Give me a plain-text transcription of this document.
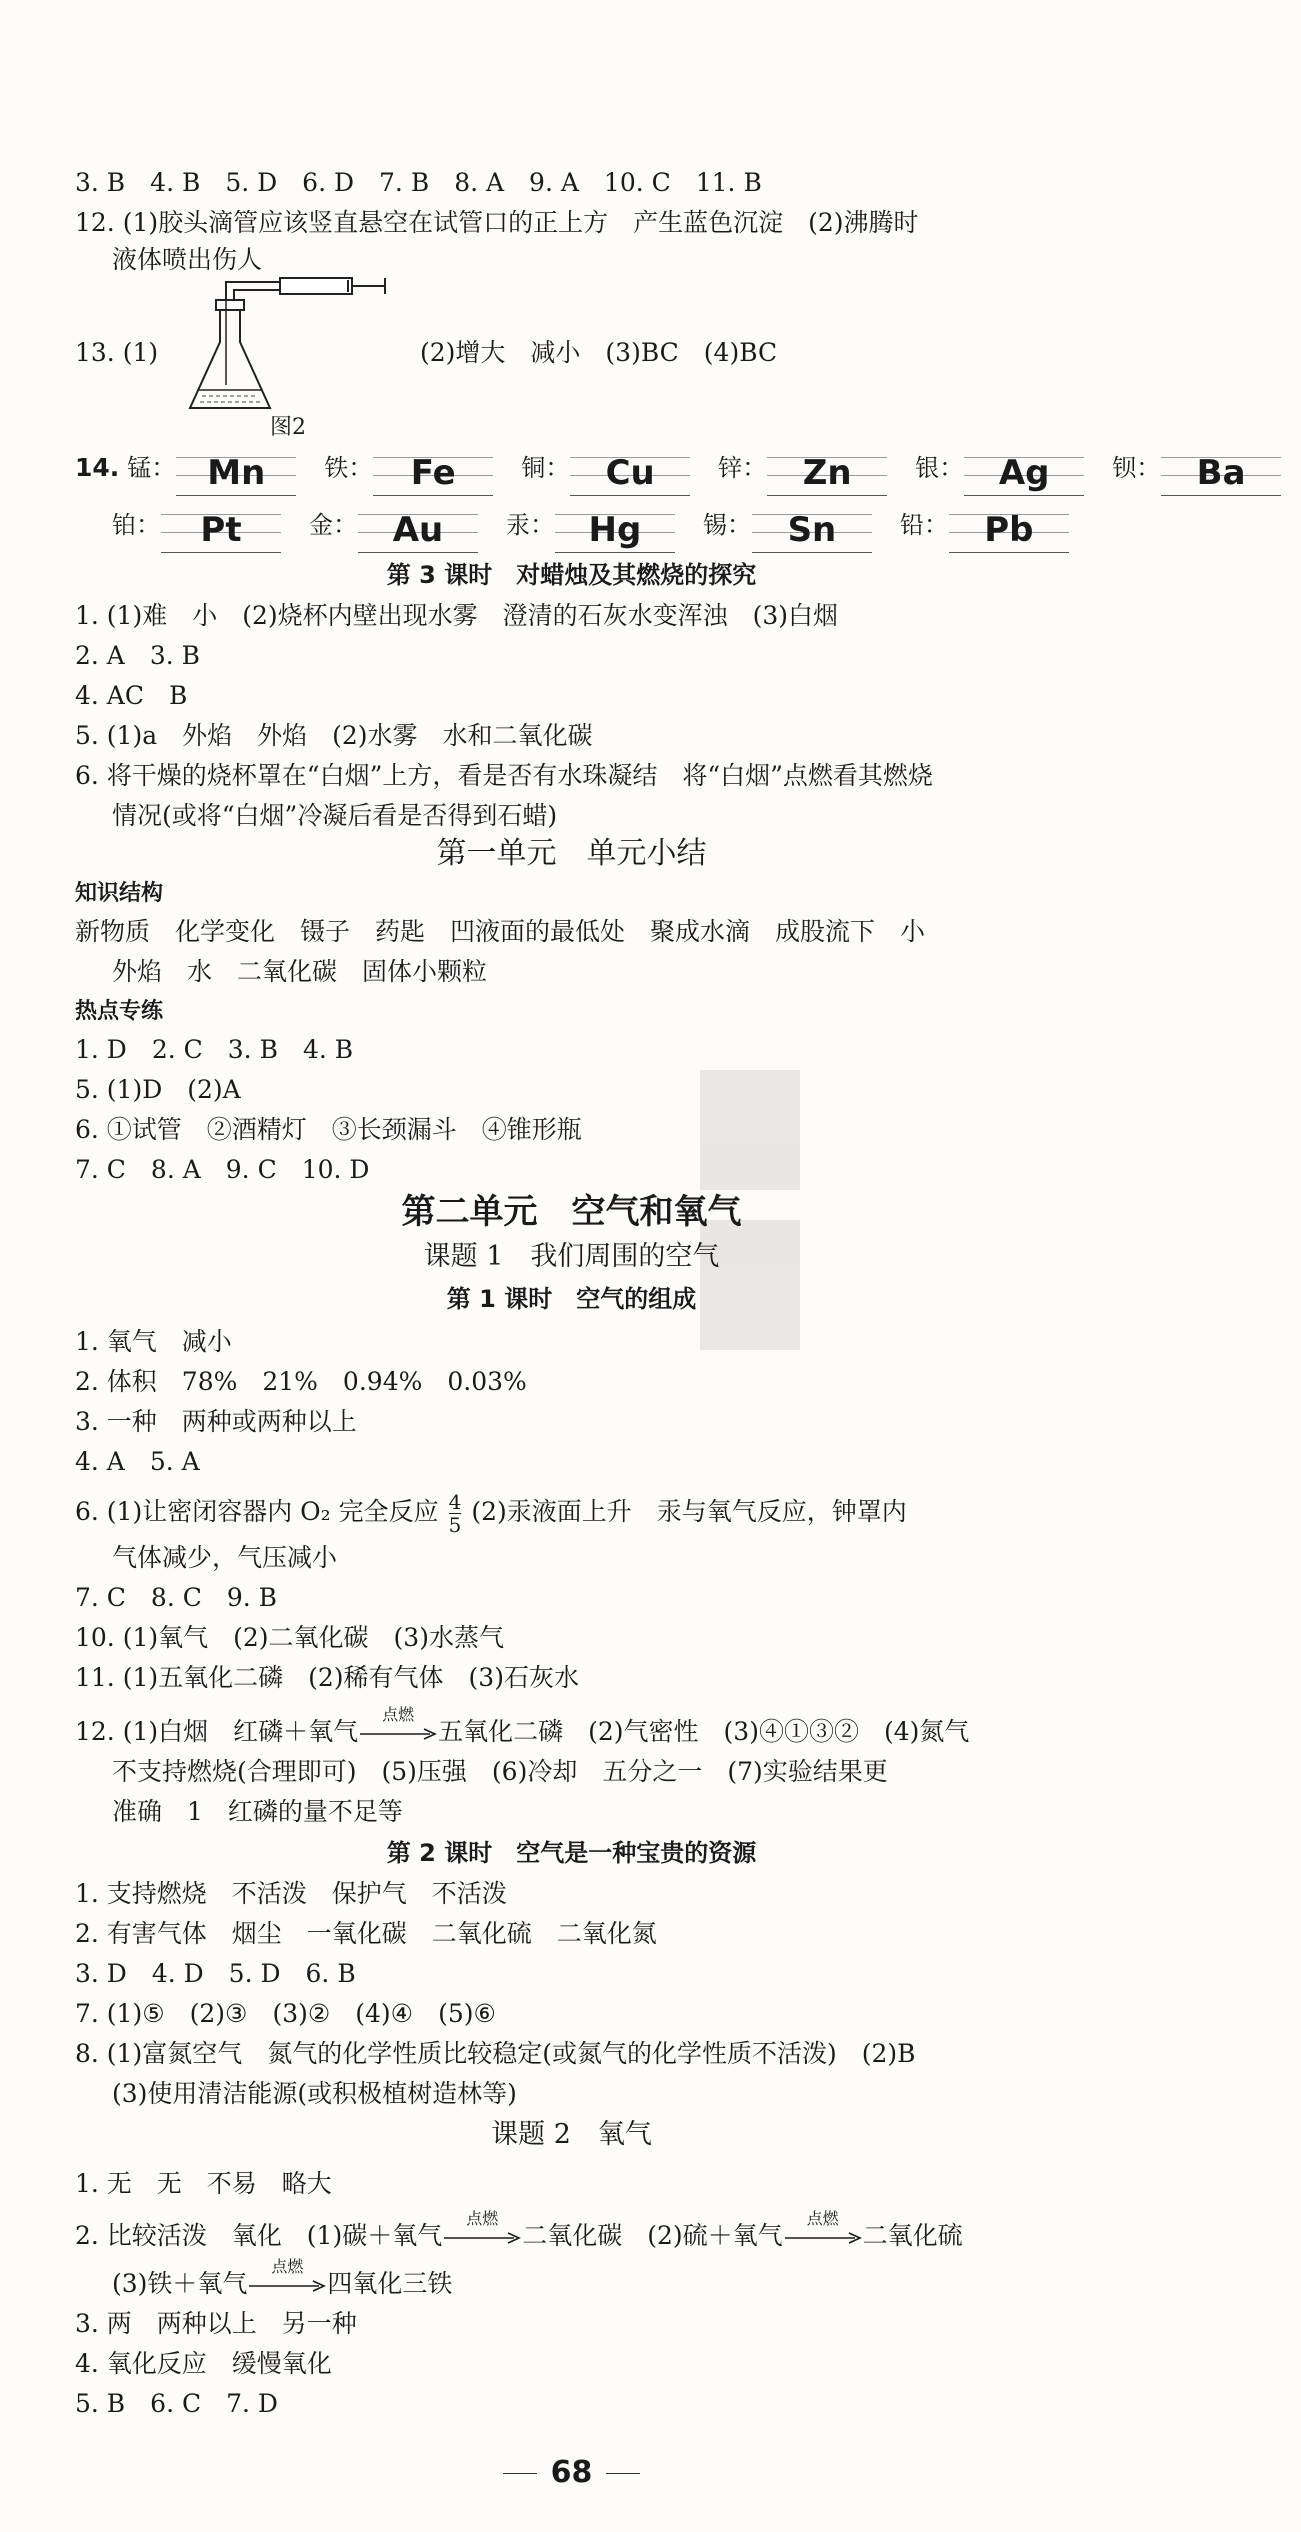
3. B　4. B　5. D　6. D　7. B　8. A　9. A　10. C　11. B
12. (1)胶头滴管应该竖直悬空在试管口的正上方　产生蓝色沉淀　(2)沸腾时
液体喷出伤人
13. (1)	(2)增大　减小　(3)BC　(4)BC
图2
14. 锰： Mn	铁：	Fe	铜：	Cu	锌：	Zn	银：	Ag	钡：	Ba
铂：	Pt	金：	Au	汞： Hg	锡：	Sn	铅：	Pb
第 3 课时　对蜡烛及其燃烧的探究
1. (1)难　小　(2)烧杯内壁出现水雾　澄清的石灰水变浑浊　(3)白烟
2. A　3. B
4. AC　B
5. (1)a　外焰　外焰　(2)水雾　水和二氧化碳
6. 将干燥的烧杯罩在“白烟”上方，看是否有水珠凝结　将“白烟”点燃看其燃烧
情况(或将“白烟”冷凝后看是否得到石蜡)
第一单元　单元小结
知识结构
新物质　化学变化　镊子　药匙　凹液面的最低处　聚成水滴　成股流下　小
外焰　水　二氧化碳　固体小颗粒
热点专练
1. D　2. C　3. B　4. B
5. (1)D　(2)A
6. ①试管　②酒精灯　③长颈漏斗　④锥形瓶
7. C　8. A　9. C　10. D
第二单元　空气和氧气
课题 1　我们周围的空气
第 1 课时　空气的组成
1. 氧气　减小
2. 体积　78%　21%　0.94%　0.03%
3. 一种　两种或两种以上
4. A　5. A
6. (1)让密闭容器内 O₂ 完全反应 $\frac{4}{5} (2)$汞液面上升　汞与氧气反应，钟罩内
气体减少，气压减小
7. C　8. C　9. B
10. (1)氧气　(2)二氧化碳　(3)水蒸气
11. (1)五氧化二磷　(2)稀有气体　(3)石灰水
12. (1)白烟　红磷＋氧气
点燃
五氧化二磷　(2)气密性　(3)④①③②　(4)氮气
不支持燃烧(合理即可)　(5)压强　(6)冷却　五分之一　(7)实验结果更
准确　1　红磷的量不足等
第 2 课时　空气是一种宝贵的资源
1. 支持燃烧　不活泼　保护气　不活泼
2. 有害气体　烟尘　一氧化碳　二氧化硫　二氧化氮
3. D　4. D　5. D　6. B
7. (1)⑤　(2)③　(3)②　(4)④　(5)⑥
8. (1)富氮空气　氮气的化学性质比较稳定(或氮气的化学性质不活泼)　(2)B
(3)使用清洁能源(或积极植树造林等)
课题 2　氧气
1. 无　无　不易　略大
2. 比较活泼　氧化　(1)碳＋氧气
点燃
二氧化碳　(2)硫＋氧气
点燃
二氧化硫
(3)铁＋氧气
点燃
四氧化三铁
3. 两　两种以上　另一种
4. 氧化反应　缓慢氧化
5. B　6. C　7. D
68
